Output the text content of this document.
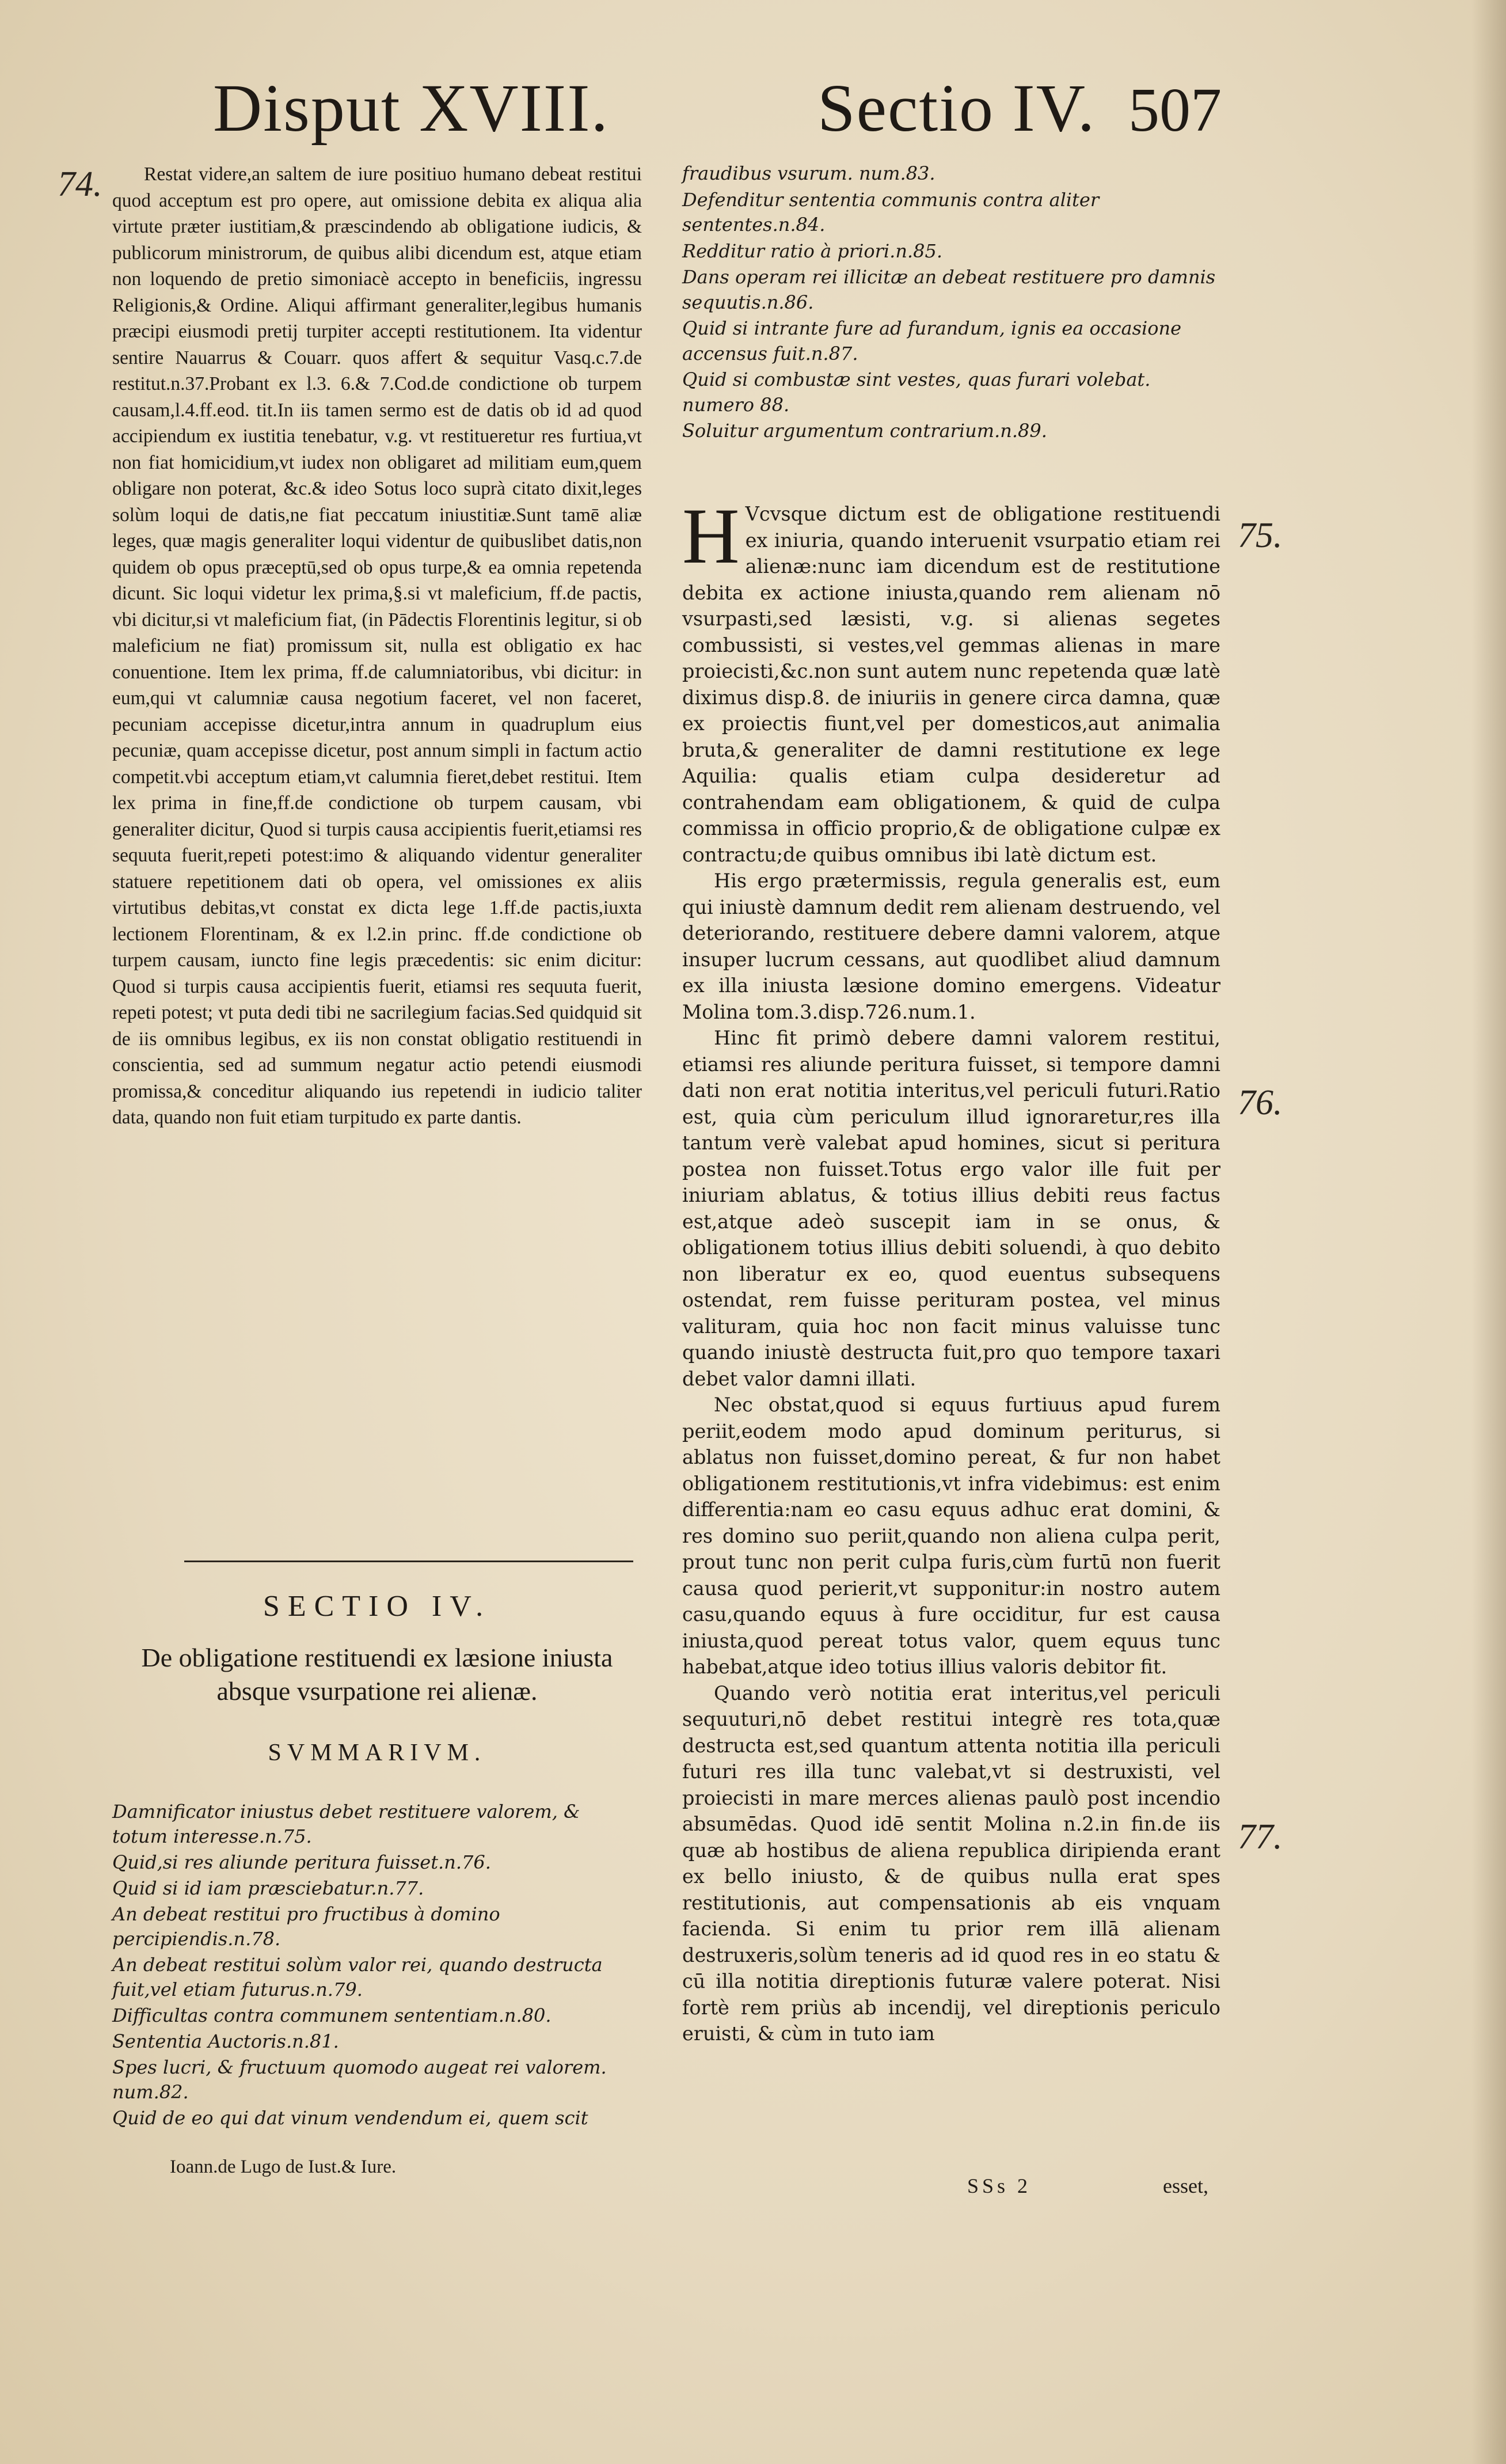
Disput XVIII.	Sectio IV. 507
74.
75.
76.
77.

Restat videre,an saltem de iure positiuo humano debeat restitui quod acceptum est pro opere, aut omissione debita ex aliqua alia virtute præter iustitiam,& præscindendo ab obligatione iudicis, & publicorum ministrorum, de quibus alibi dicendum est, atque etiam non loquendo de pretio simoniacè accepto in beneficiis, ingressu Religionis,& Ordine. Aliqui affirmant generaliter,legibus humanis præcipi eiusmodi pretij turpiter accepti restitutionem. Ita videntur sentire Nauarrus & Couarr. quos affert & sequitur Vasq.c.7.de restitut.n.37.Probant ex l.3. 6.& 7.Cod.de condictione ob turpem causam,l.4.ff.eod. tit.In iis tamen sermo est de datis ob id ad quod accipiendum ex iustitia tenebatur, v.g. vt restitueretur res furtiua,vt non fiat homicidium,vt iudex non obligaret ad militiam eum,quem obligare non poterat, &c.& ideo Sotus loco suprà citato dixit,leges solùm loqui de datis,ne fiat peccatum iniustitiæ.Sunt tamē aliæ leges, quæ magis generaliter loqui videntur de quibuslibet datis,non quidem ob opus præceptū,sed ob opus turpe,& ea omnia repetenda dicunt. Sic loqui videtur lex prima,§.si vt maleficium, ff.de pactis, vbi dicitur,si vt maleficium fiat, (in Pādectis Florentinis legitur, si ob maleficium ne fiat) promissum sit, nulla est obligatio ex hac conuentione. Item lex prima, ff.de calumniatoribus, vbi dicitur: in eum,qui vt calumniæ causa negotium faceret, vel non faceret, pecuniam accepisse dicetur,intra annum in quadruplum eius pecuniæ, quam accepisse dicetur, post annum simpli in factum actio competit.vbi acceptum etiam,vt calumnia fieret,debet restitui. Item lex prima in fine,ff.de condictione ob turpem causam, vbi generaliter dicitur, Quod si turpis causa accipientis fuerit,etiamsi res sequuta fuerit,repeti potest:imo & aliquando videntur generaliter statuere repetitionem dati ob opera, vel omissiones ex aliis virtutibus debitas,vt constat ex dicta lege 1.ff.de pactis,iuxta lectionem Florentinam, & ex l.2.in princ. ff.de condictione ob turpem causam, iuncto fine legis præcedentis: sic enim dicitur: Quod si turpis causa accipientis fuerit, etiamsi res sequuta fuerit, repeti potest; vt puta dedi tibi ne sacrilegium facias.Sed quidquid sit de iis omnibus legibus, ex iis non constat obligatio restituendi in conscientia, sed ad summum negatur actio petendi eiusmodi promissa,& conceditur aliquando ius repetendi in iudicio taliter data, quando non fuit etiam turpitudo ex parte dantis.

SECTIO IV.
De obligatione restituendi ex læsione iniusta absque vsurpatione rei alienæ.
SVMMARIVM.

Damnificator iniustus debet restituere valorem, & totum interesse.n.75.

Quid,si res aliunde peritura fuisset.n.76.

Quid si id iam præsciebatur.n.77.

An debeat restitui pro fructibus à domino percipiendis.n.78.

An debeat restitui solùm valor rei, quando destructa fuit,vel etiam futurus.n.79.

Difficultas contra communem sententiam.n.80.

Sententia Auctoris.n.81.

Spes lucri, & fructuum quomodo augeat rei valorem. num.82.

Quid de eo qui dat vinum vendendum ei, quem scit

Ioann.de Lugo de Iust.& Iure.

fraudibus vsurum. num.83.

Defenditur sententia communis contra aliter sententes.n.84.

Redditur ratio à priori.n.85.

Dans operam rei illicitæ an debeat restituere pro damnis sequutis.n.86.

Quid si intrante fure ad furandum, ignis ea occasione accensus fuit.n.87.

Quid si combustæ sint vestes, quas furari volebat. numero 88.

Soluitur argumentum contrarium.n.89.

H Vcvsque dictum est de obligatione restituendi ex iniuria, quando interuenit vsurpatio etiam rei alienæ:nunc iam dicendum est de restitutione debita ex actione iniusta,quando rem alienam nō vsurpasti,sed læsisti, v.g. si alienas segetes combussisti, si vestes,vel gemmas alienas in mare proiecisti,&c.non sunt autem nunc repetenda quæ latè diximus disp.8. de iniuriis in genere circa damna, quæ ex proiectis fiunt,vel per domesticos,aut animalia bruta,& generaliter de damni restitutione ex lege Aquilia: qualis etiam culpa desideretur ad contrahendam eam obligationem, & quid de culpa commissa in officio proprio,& de obligatione culpæ ex contractu;de quibus omnibus ibi latè dictum est.

His ergo prætermissis, regula generalis est, eum qui iniustè damnum dedit rem alienam destruendo, vel deteriorando, restituere debere damni valorem, atque insuper lucrum cessans, aut quodlibet aliud damnum ex illa iniusta læsione domino emergens. Videatur Molina tom.3.disp.726.num.1.

Hinc fit primò debere damni valorem restitui, etiamsi res aliunde peritura fuisset, si tempore damni dati non erat notitia interitus,vel periculi futuri.Ratio est, quia cùm periculum illud ignoraretur,res illa tantum verè valebat apud homines, sicut si peritura postea non fuisset.Totus ergo valor ille fuit per iniuriam ablatus, & totius illius debiti reus factus est,atque adeò suscepit iam in se onus, & obligationem totius illius debiti soluendi, à quo debito non liberatur ex eo, quod euentus subsequens ostendat, rem fuisse perituram postea, vel minus valituram, quia hoc non facit minus valuisse tunc quando iniustè destructa fuit,pro quo tempore taxari debet valor damni illati.

Nec obstat,quod si equus furtiuus apud furem periit,eodem modo apud dominum periturus, si ablatus non fuisset,domino pereat, & fur non habet obligationem restitutionis,vt infra videbimus: est enim differentia:nam eo casu equus adhuc erat domini, & res domino suo periit,quando non aliena culpa perit, prout tunc non perit culpa furis,cùm furtū non fuerit causa quod perierit,vt supponitur:in nostro autem casu,quando equus à fure occiditur, fur est causa iniusta,quod pereat totus valor, quem equus tunc habebat,atque ideo totius illius valoris debitor fit.

Quando verò notitia erat interitus,vel periculi sequuturi,nō debet restitui integrè res tota,quæ destructa est,sed quantum attenta notitia illa periculi futuri res illa tunc valebat,vt si destruxisti, vel proiecisti in mare merces alienas paulò post incendio absumēdas. Quod idē sentit Molina n.2.in fin.de iis quæ ab hostibus de aliena republica diripienda erant ex bello iniusto, & de quibus nulla erat spes restitutionis, aut compensationis ab eis vnquam facienda. Si enim tu prior rem illā alienam destruxeris,solùm teneris ad id quod res in eo statu & cū illa notitia direptionis futuræ valere poterat. Nisi fortè rem priùs ab incendij, vel direptionis periculo eruisti, & cùm in tuto iam

SSs 2	esset,
